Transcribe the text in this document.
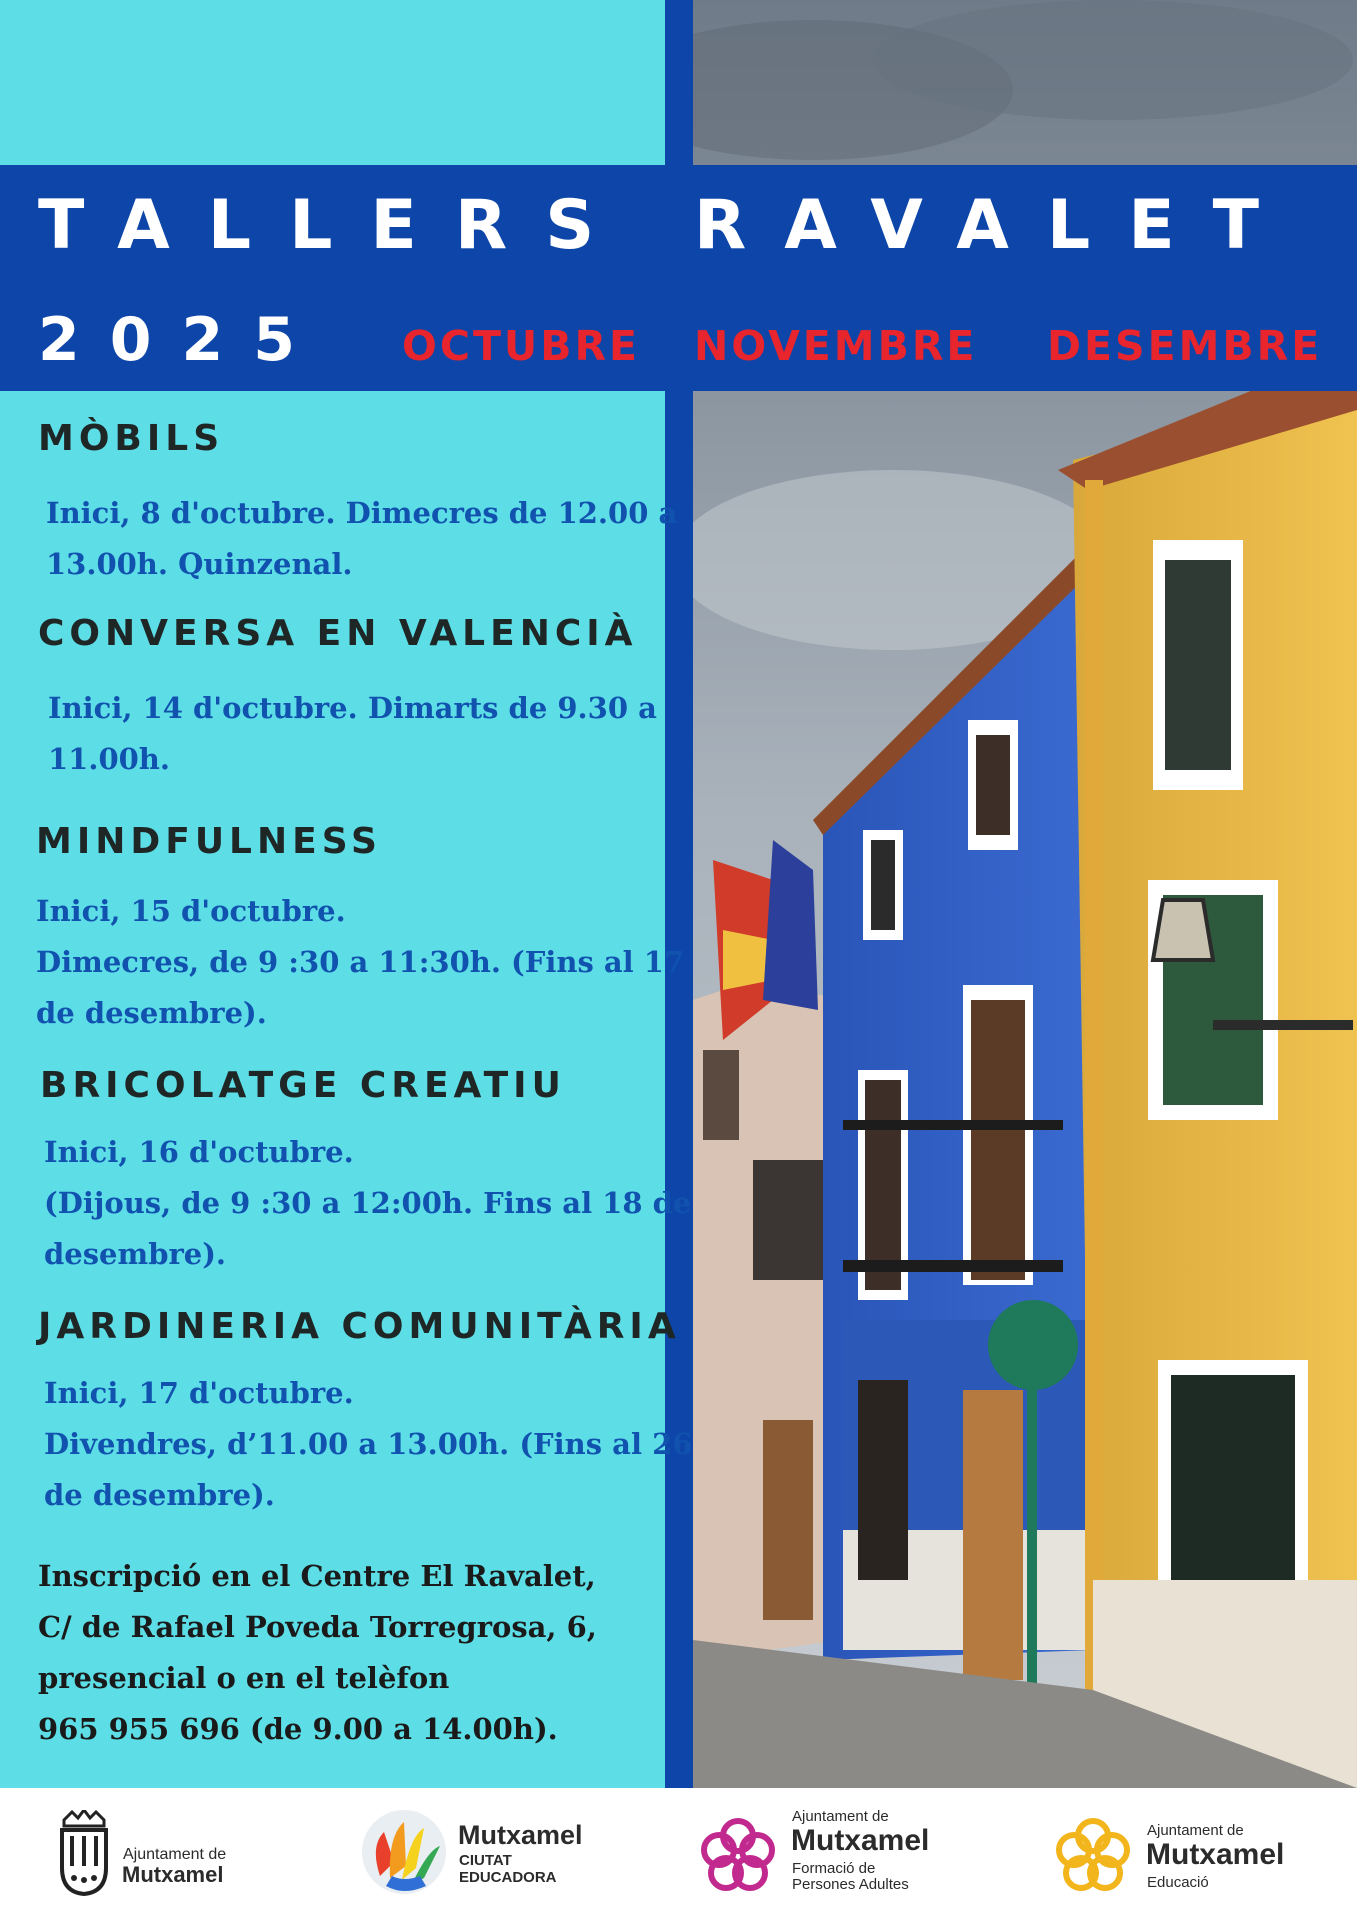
TALLERS RAVALET
2025 OCTUBRE NOVEMBRE DESEMBRE
MÒBILS
Inici, 8 d'octubre. Dimecres de 12.00 a
13.00h. Quinzenal.
CONVERSA EN VALENCIÀ
Inici, 14 d'octubre. Dimarts de 9.30 a
11.00h.
MINDFULNESS
Inici, 15 d'octubre.
Dimecres, de 9 :30 a 11:30h. (Fins al 17
de desembre).
BRICOLATGE CREATIU
Inici, 16 d'octubre.
(Dijous, de 9 :30 a 12:00h. Fins al 18 de
desembre).
JARDINERIA COMUNITÀRIA
Inici, 17 d'octubre.
Divendres, d’11.00 a 13.00h. (Fins al 26
de desembre).
Inscripció en el Centre El Ravalet,
C/ de Rafael Poveda Torregrosa, 6,
presencial o en el telèfon
965 955 696 (de 9.00 a 14.00h).
Ajuntament de
Mutxamel
Mutxamel
CIUTAT
EDUCADORA
Ajuntament de
Mutxamel
Formació de
Persones Adultes
Ajuntament de
Mutxamel
Educació
